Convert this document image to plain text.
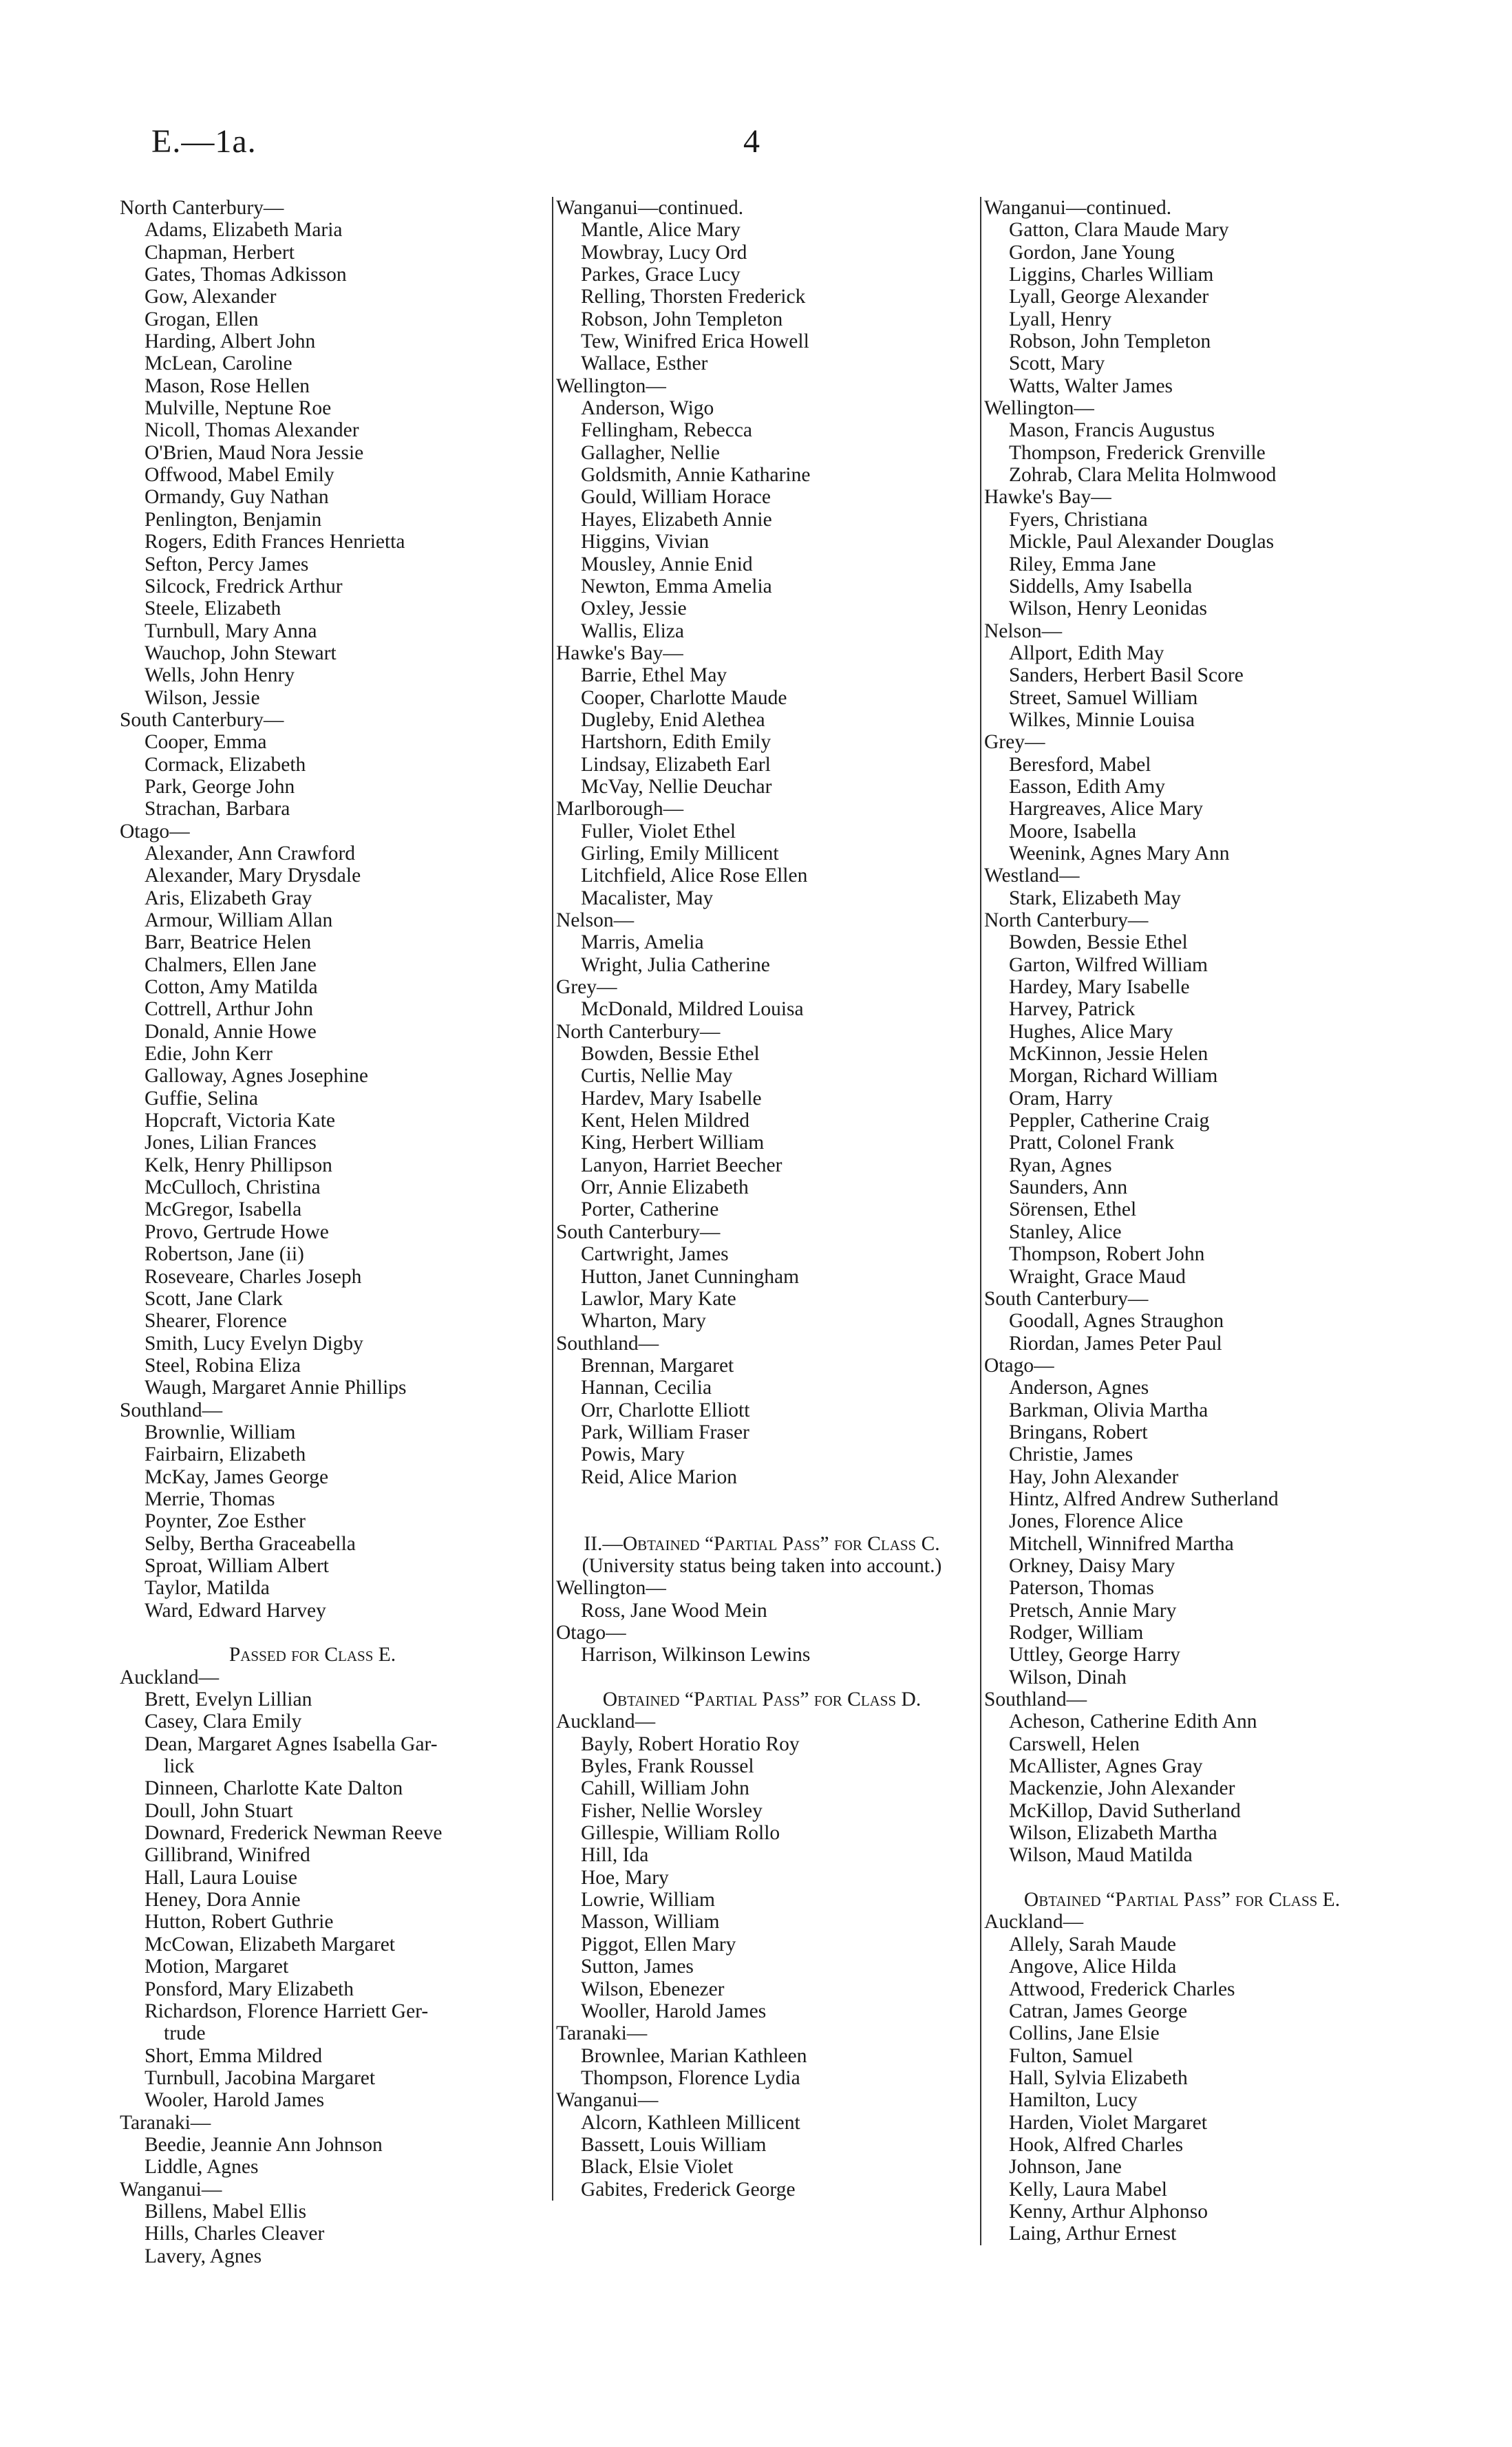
E.—1a.	4
North Canterbury—
Adams, Elizabeth Maria
Chapman, Herbert
Gates, Thomas Adkisson
Gow, Alexander
Grogan, Ellen
Harding, Albert John
McLean, Caroline
Mason, Rose Hellen
Mulville, Neptune Roe
Nicoll, Thomas Alexander
O'Brien, Maud Nora Jessie
Offwood, Mabel Emily
Ormandy, Guy Nathan
Penlington, Benjamin
Rogers, Edith Frances Henrietta
Sefton, Percy James
Silcock, Fredrick Arthur
Steele, Elizabeth
Turnbull, Mary Anna
Wauchop, John Stewart
Wells, John Henry
Wilson, Jessie
South Canterbury—
Cooper, Emma
Cormack, Elizabeth
Park, George John
Strachan, Barbara
Otago—
Alexander, Ann Crawford
Alexander, Mary Drysdale
Aris, Elizabeth Gray
Armour, William Allan
Barr, Beatrice Helen
Chalmers, Ellen Jane
Cotton, Amy Matilda
Cottrell, Arthur John
Donald, Annie Howe
Edie, John Kerr
Galloway, Agnes Josephine
Guffie, Selina
Hopcraft, Victoria Kate
Jones, Lilian Frances
Kelk, Henry Phillipson
McCulloch, Christina
McGregor, Isabella
Provo, Gertrude Howe
Robertson, Jane (ii)
Roseveare, Charles Joseph
Scott, Jane Clark
Shearer, Florence
Smith, Lucy Evelyn Digby
Steel, Robina Eliza
Waugh, Margaret Annie Phillips
Southland—
Brownlie, William
Fairbairn, Elizabeth
McKay, James George
Merrie, Thomas
Poynter, Zoe Esther
Selby, Bertha Graceabella
Sproat, William Albert
Taylor, Matilda
Ward, Edward Harvey
Passed for Class E.
Auckland—
Brett, Evelyn Lillian
Casey, Clara Emily
Dean, Margaret Agnes Isabella Gar-
lick
Dinneen, Charlotte Kate Dalton
Doull, John Stuart
Downard, Frederick Newman Reeve
Gillibrand, Winifred
Hall, Laura Louise
Heney, Dora Annie
Hutton, Robert Guthrie
McCowan, Elizabeth Margaret
Motion, Margaret
Ponsford, Mary Elizabeth
Richardson, Florence Harriett Ger-
trude
Short, Emma Mildred
Turnbull, Jacobina Margaret
Wooler, Harold James
Taranaki—
Beedie, Jeannie Ann Johnson
Liddle, Agnes
Wanganui—
Billens, Mabel Ellis
Hills, Charles Cleaver
Lavery, Agnes
Wanganui—continued.
Mantle, Alice Mary
Mowbray, Lucy Ord
Parkes, Grace Lucy
Relling, Thorsten Frederick
Robson, John Templeton
Tew, Winifred Erica Howell
Wallace, Esther
Wellington—
Anderson, Wigo
Fellingham, Rebecca
Gallagher, Nellie
Goldsmith, Annie Katharine
Gould, William Horace
Hayes, Elizabeth Annie
Higgins, Vivian
Mousley, Annie Enid
Newton, Emma Amelia
Oxley, Jessie
Wallis, Eliza
Hawke's Bay—
Barrie, Ethel May
Cooper, Charlotte Maude
Dugleby, Enid Alethea
Hartshorn, Edith Emily
Lindsay, Elizabeth Earl
McVay, Nellie Deuchar
Marlborough—
Fuller, Violet Ethel
Girling, Emily Millicent
Litchfield, Alice Rose Ellen
Macalister, May
Nelson—
Marris, Amelia
Wright, Julia Catherine
Grey—
McDonald, Mildred Louisa
North Canterbury—
Bowden, Bessie Ethel
Curtis, Nellie May
Hardev, Mary Isabelle
Kent, Helen Mildred
King, Herbert William
Lanyon, Harriet Beecher
Orr, Annie Elizabeth
Porter, Catherine
South Canterbury—
Cartwright, James
Hutton, Janet Cunningham
Lawlor, Mary Kate
Wharton, Mary
Southland—
Brennan, Margaret
Hannan, Cecilia
Orr, Charlotte Elliott
Park, William Fraser
Powis, Mary
Reid, Alice Marion
II.—Obtained “Partial Pass” for Class C.
(University status being taken into account.)
Wellington—
Ross, Jane Wood Mein
Otago—
Harrison, Wilkinson Lewins
Obtained “Partial Pass” for Class D.
Auckland—
Bayly, Robert Horatio Roy
Byles, Frank Roussel
Cahill, William John
Fisher, Nellie Worsley
Gillespie, William Rollo
Hill, Ida
Hoe, Mary
Lowrie, William
Masson, William
Piggot, Ellen Mary
Sutton, James
Wilson, Ebenezer
Wooller, Harold James
Taranaki—
Brownlee, Marian Kathleen
Thompson, Florence Lydia
Wanganui—
Alcorn, Kathleen Millicent
Bassett, Louis William
Black, Elsie Violet
Gabites, Frederick George
Wanganui—continued.
Gatton, Clara Maude Mary
Gordon, Jane Young
Liggins, Charles William
Lyall, George Alexander
Lyall, Henry
Robson, John Templeton
Scott, Mary
Watts, Walter James
Wellington—
Mason, Francis Augustus
Thompson, Frederick Grenville
Zohrab, Clara Melita Holmwood
Hawke's Bay—
Fyers, Christiana
Mickle, Paul Alexander Douglas
Riley, Emma Jane
Siddells, Amy Isabella
Wilson, Henry Leonidas
Nelson—
Allport, Edith May
Sanders, Herbert Basil Score
Street, Samuel William
Wilkes, Minnie Louisa
Grey—
Beresford, Mabel
Easson, Edith Amy
Hargreaves, Alice Mary
Moore, Isabella
Weenink, Agnes Mary Ann
Westland—
Stark, Elizabeth May
North Canterbury—
Bowden, Bessie Ethel
Garton, Wilfred William
Hardey, Mary Isabelle
Harvey, Patrick
Hughes, Alice Mary
McKinnon, Jessie Helen
Morgan, Richard William
Oram, Harry
Peppler, Catherine Craig
Pratt, Colonel Frank
Ryan, Agnes
Saunders, Ann
Sörensen, Ethel
Stanley, Alice
Thompson, Robert John
Wraight, Grace Maud
South Canterbury—
Goodall, Agnes Straughon
Riordan, James Peter Paul
Otago—
Anderson, Agnes
Barkman, Olivia Martha
Bringans, Robert
Christie, James
Hay, John Alexander
Hintz, Alfred Andrew Sutherland
Jones, Florence Alice
Mitchell, Winnifred Martha
Orkney, Daisy Mary
Paterson, Thomas
Pretsch, Annie Mary
Rodger, William
Uttley, George Harry
Wilson, Dinah
Southland—
Acheson, Catherine Edith Ann
Carswell, Helen
McAllister, Agnes Gray
Mackenzie, John Alexander
McKillop, David Sutherland
Wilson, Elizabeth Martha
Wilson, Maud Matilda
Obtained “Partial Pass” for Class E.
Auckland—
Allely, Sarah Maude
Angove, Alice Hilda
Attwood, Frederick Charles
Catran, James George
Collins, Jane Elsie
Fulton, Samuel
Hall, Sylvia Elizabeth
Hamilton, Lucy
Harden, Violet Margaret
Hook, Alfred Charles
Johnson, Jane
Kelly, Laura Mabel
Kenny, Arthur Alphonso
Laing, Arthur Ernest
